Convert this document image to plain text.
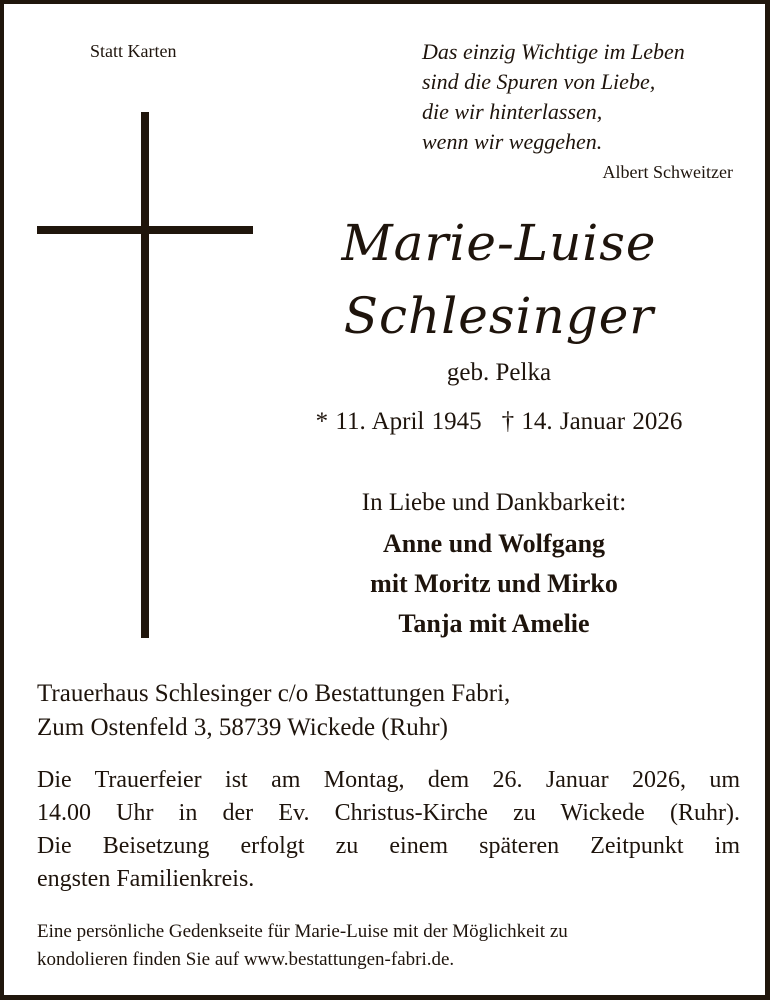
Statt Karten	Das einzig Wichtige im Leben
sind die Spuren von Liebe,
die wir hinterlassen,
wenn wir weggehen.
Albert Schweitzer
Marie-Luise
Schlesinger
geb. Pelka
* 11. April 1945 † 14. Januar 2026
In Liebe und Dankbarkeit:
Anne und Wolfgang
mit Moritz und Mirko
Tanja mit Amelie
Trauerhaus Schlesinger c/o Bestattungen Fabri,
Zum Ostenfeld 3, 58739 Wickede (Ruhr)
Die Trauerfeier ist am Montag, dem 26. Januar 2026, um
14.00 Uhr in der Ev. Christus-Kirche zu Wickede (Ruhr).
Die Beisetzung erfolgt zu einem späteren Zeitpunkt im
engsten Familienkreis.
Eine persönliche Gedenkseite für Marie-Luise mit der Möglichkeit zu
kondolieren finden Sie auf www.bestattungen-fabri.de.
